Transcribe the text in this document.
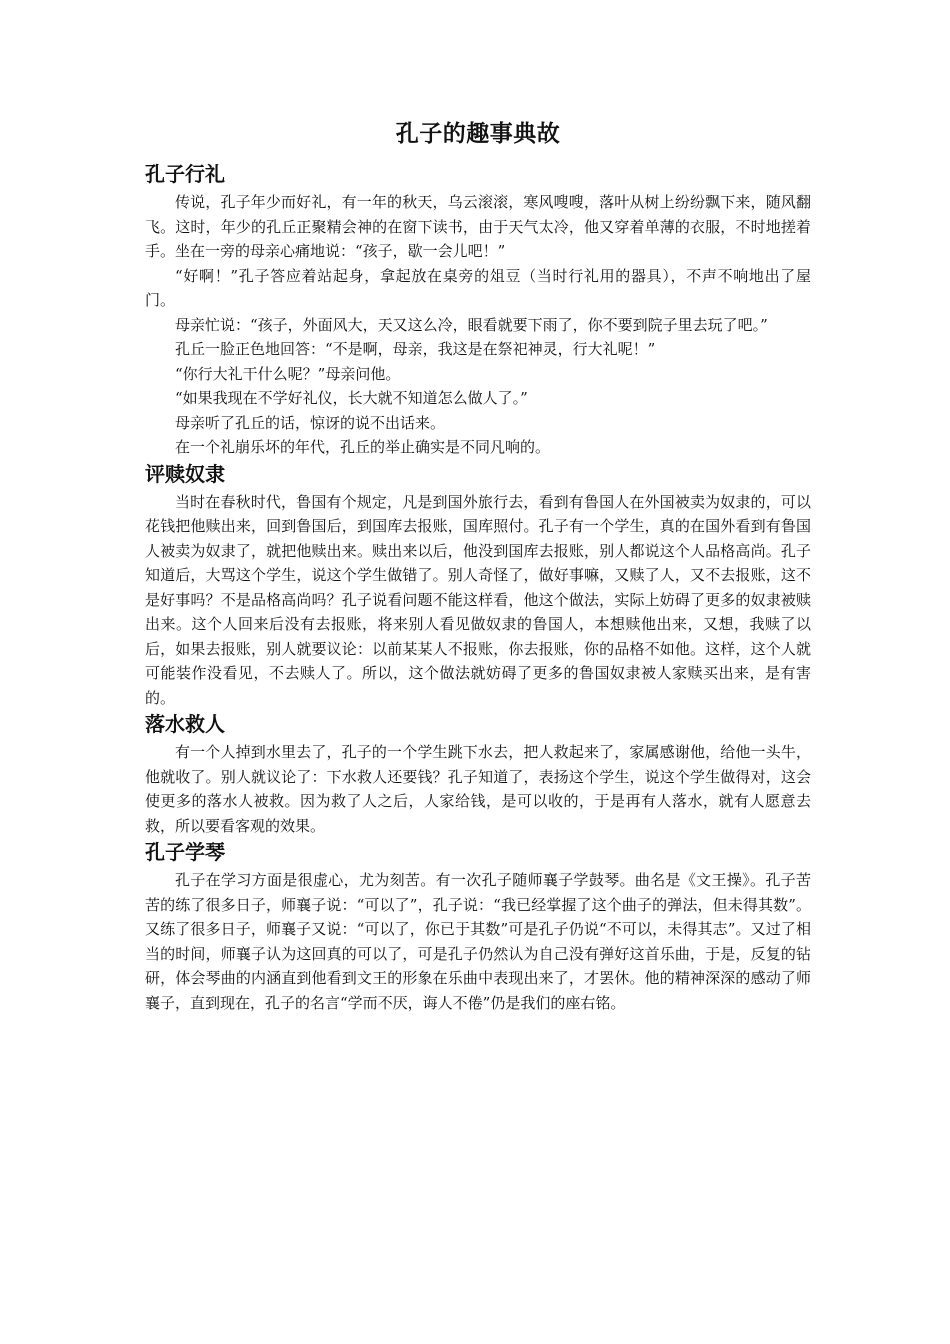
孔子的趣事典故
孔子行礼

传说，孔子年少而好礼，有一年的秋天，乌云滚滚，寒风嗖嗖，落叶从树上纷纷飘下来，随风翻飞。这时，年少的孔丘正聚精会神的在窗下读书，由于天气太冷，他又穿着单薄的衣服，不时地搓着手。坐在一旁的母亲心痛地说：“孩子，歇一会儿吧！”

“好啊！”孔子答应着站起身，拿起放在桌旁的俎豆（当时行礼用的器具），不声不响地出了屋门。

母亲忙说：“孩子，外面风大，天又这么冷，眼看就要下雨了，你不要到院子里去玩了吧。”

孔丘一脸正色地回答：“不是啊，母亲，我这是在祭祀神灵，行大礼呢！”

“你行大礼干什么呢？”母亲问他。

“如果我现在不学好礼仪，长大就不知道怎么做人了。”

母亲听了孔丘的话，惊讶的说不出话来。

在一个礼崩乐坏的年代，孔丘的举止确实是不同凡响的。

评赎奴隶

当时在春秋时代，鲁国有个规定，凡是到国外旅行去，看到有鲁国人在外国被卖为奴隶的，可以花钱把他赎出来，回到鲁国后，到国库去报账，国库照付。孔子有一个学生，真的在国外看到有鲁国人被卖为奴隶了，就把他赎出来。赎出来以后，他没到国库去报账，别人都说这个人品格高尚。孔子知道后，大骂这个学生，说这个学生做错了。别人奇怪了，做好事嘛，又赎了人，又不去报账，这不是好事吗？不是品格高尚吗？孔子说看问题不能这样看，他这个做法，实际上妨碍了更多的奴隶被赎出来。这个人回来后没有去报账，将来别人看见做奴隶的鲁国人，本想赎他出来，又想，我赎了以后，如果去报账，别人就要议论：以前某某人不报账，你去报账，你的品格不如他。这样，这个人就可能装作没看见，不去赎人了。所以，这个做法就妨碍了更多的鲁国奴隶被人家赎买出来，是有害的。

落水救人

有一个人掉到水里去了，孔子的一个学生跳下水去，把人救起来了，家属感谢他，给他一头牛，他就收了。别人就议论了：下水救人还要钱？孔子知道了，表扬这个学生，说这个学生做得对，这会使更多的落水人被救。因为救了人之后，人家给钱，是可以收的，于是再有人落水，就有人愿意去救，所以要看客观的效果。

孔子学琴

孔子在学习方面是很虚心，尤为刻苦。有一次孔子随师襄子学鼓琴。曲名是《文王操》。孔子苦苦的练了很多日子，师襄子说：“可以了”，孔子说：“我已经掌握了这个曲子的弹法，但未得其数”。又练了很多日子，师襄子又说：“可以了，你已于其数”可是孔子仍说“不可以，未得其志”。又过了相当的时间，师襄子认为这回真的可以了，可是孔子仍然认为自己没有弹好这首乐曲，于是，反复的钻研，体会琴曲的内涵直到他看到文王的形象在乐曲中表现出来了，才罢休。他的精神深深的感动了师襄子，直到现在，孔子的名言“学而不厌，诲人不倦”仍是我们的座右铭。
